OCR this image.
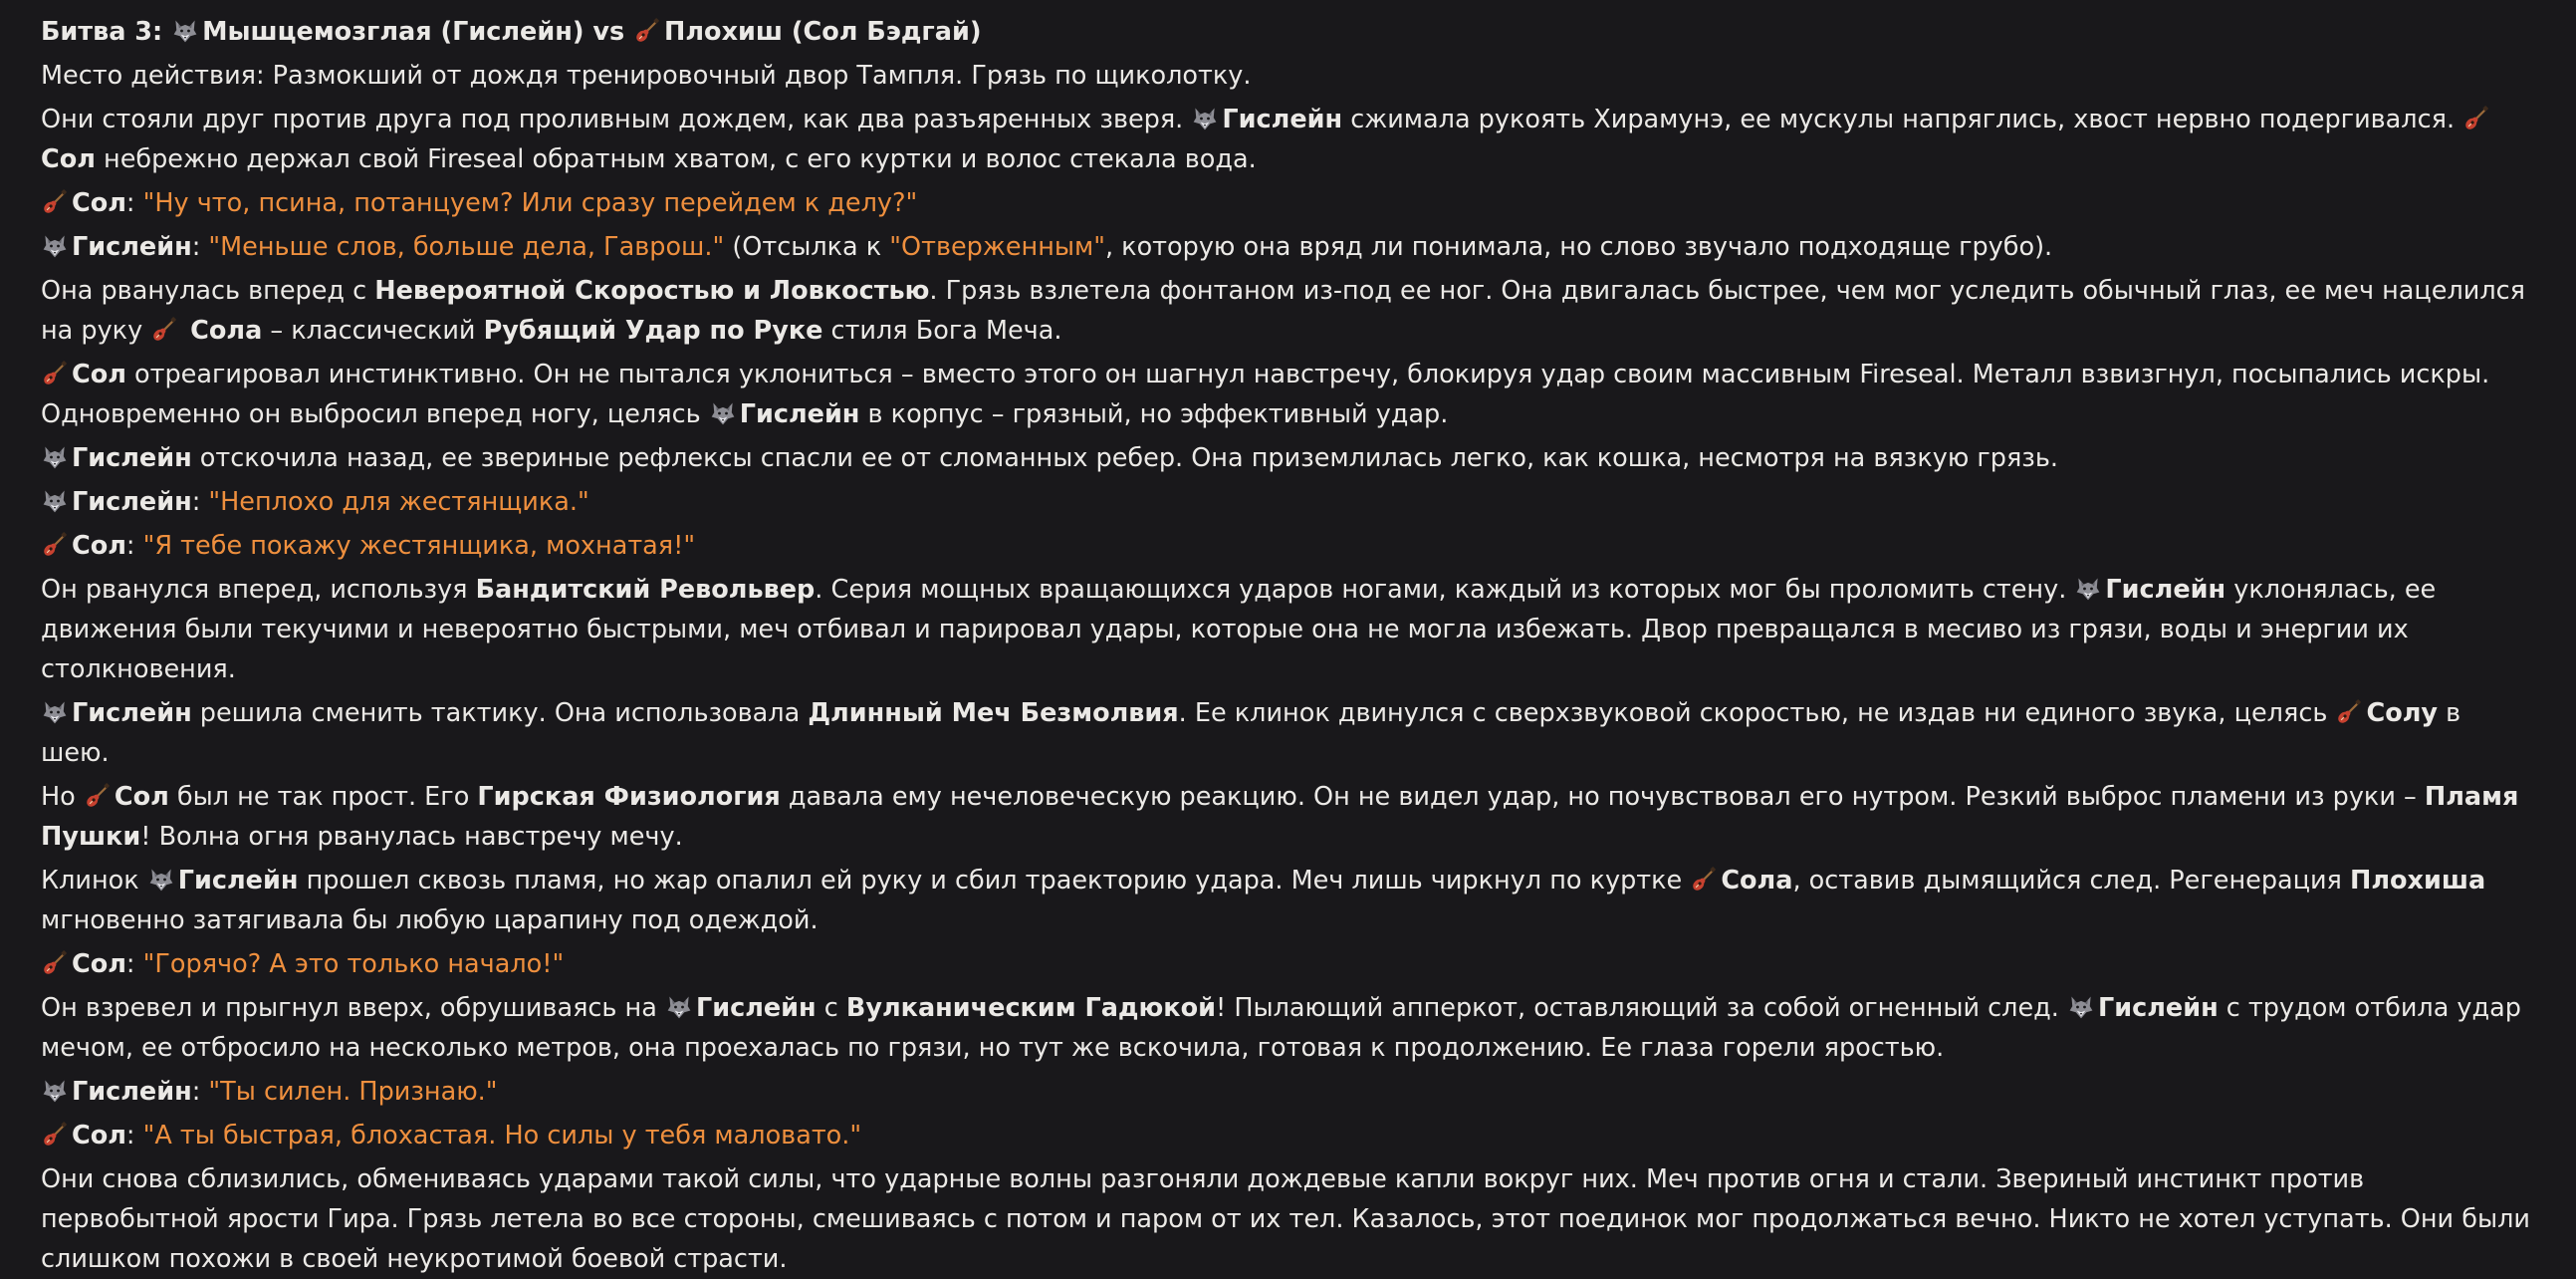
Битва 3:
Мышцемозглая (Гислейн) vs
Плохиш (Сол Бэдгай)
Место действия: Размокший от дождя тренировочный двор Тампля. Грязь по щиколотку.
Они стояли друг против друга под проливным дождем, как два разъяренных зверя.
Гислейн сжимала рукоять Хирамунэ, ее мускулы напряглись, хвост нервно подергивался.
Сол небрежно держал свой Fireseal обратным хватом, с его куртки и волос стекала вода.
Сол: "Ну что, псина, потанцуем? Или сразу перейдем к делу?"
Гислейн: "Меньше слов, больше дела, Гаврош." (Отсылка к "Отверженным", которую она вряд ли понимала, но слово звучало подходяще грубо).
Она рванулась вперед с Невероятной Скоростью и Ловкостью. Грязь взлетела фонтаном из-под ее ног. Она двигалась быстрее, чем мог уследить обычный глаз, ее меч нацелился на руку
Сола – классический Рубящий Удар по Руке стиля Бога Меча.
Сол отреагировал инстинктивно. Он не пытался уклониться – вместо этого он шагнул навстречу, блокируя удар своим массивным Fireseal. Металл взвизгнул, посыпались искры. Одновременно он выбросил вперед ногу, целясь
Гислейн в корпус – грязный, но эффективный удар.
Гислейн отскочила назад, ее звериные рефлексы спасли ее от сломанных ребер. Она приземлилась легко, как кошка, несмотря на вязкую грязь.
Гислейн: "Неплохо для жестянщика."
Сол: "Я тебе покажу жестянщика, мохнатая!"
Он рванулся вперед, используя Бандитский Револьвер. Серия мощных вращающихся ударов ногами, каждый из которых мог бы проломить стену.
Гислейн уклонялась, ее движения были текучими и невероятно быстрыми, меч отбивал и парировал удары, которые она не могла избежать. Двор превращался в месиво из грязи, воды и энергии их столкновения.
Гислейн решила сменить тактику. Она использовала Длинный Меч Безмолвия. Ее клинок двинулся с сверхзвуковой скоростью, не издав ни единого звука, целясь
Солу в шею.
Но
Сол был не так прост. Его Гирская Физиология давала ему нечеловеческую реакцию. Он не видел удар, но почувствовал его нутром. Резкий выброс пламени из руки – Пламя Пушки! Волна огня рванулась навстречу мечу.
Клинок
Гислейн прошел сквозь пламя, но жар опалил ей руку и сбил траекторию удара. Меч лишь чиркнул по куртке
Сола, оставив дымящийся след. Регенерация Плохиша мгновенно затягивала бы любую царапину под одеждой.
Сол: "Горячо? А это только начало!"
Он взревел и прыгнул вверх, обрушиваясь на
Гислейн с Вулканическим Гадюкой! Пылающий апперкот, оставляющий за собой огненный след.
Гислейн с трудом отбила удар мечом, ее отбросило на несколько метров, она проехалась по грязи, но тут же вскочила, готовая к продолжению. Ее глаза горели яростью.
Гислейн: "Ты силен. Признаю."
Сол: "А ты быстрая, блохастая. Но силы у тебя маловато."
Они снова сблизились, обмениваясь ударами такой силы, что ударные волны разгоняли дождевые капли вокруг них. Меч против огня и стали. Звериный инстинкт против первобытной ярости Гира. Грязь летела во все стороны, смешиваясь с потом и паром от их тел. Казалось, этот поединок мог продолжаться вечно. Никто не хотел уступать. Они были слишком похожи в своей неукротимой боевой страсти.
